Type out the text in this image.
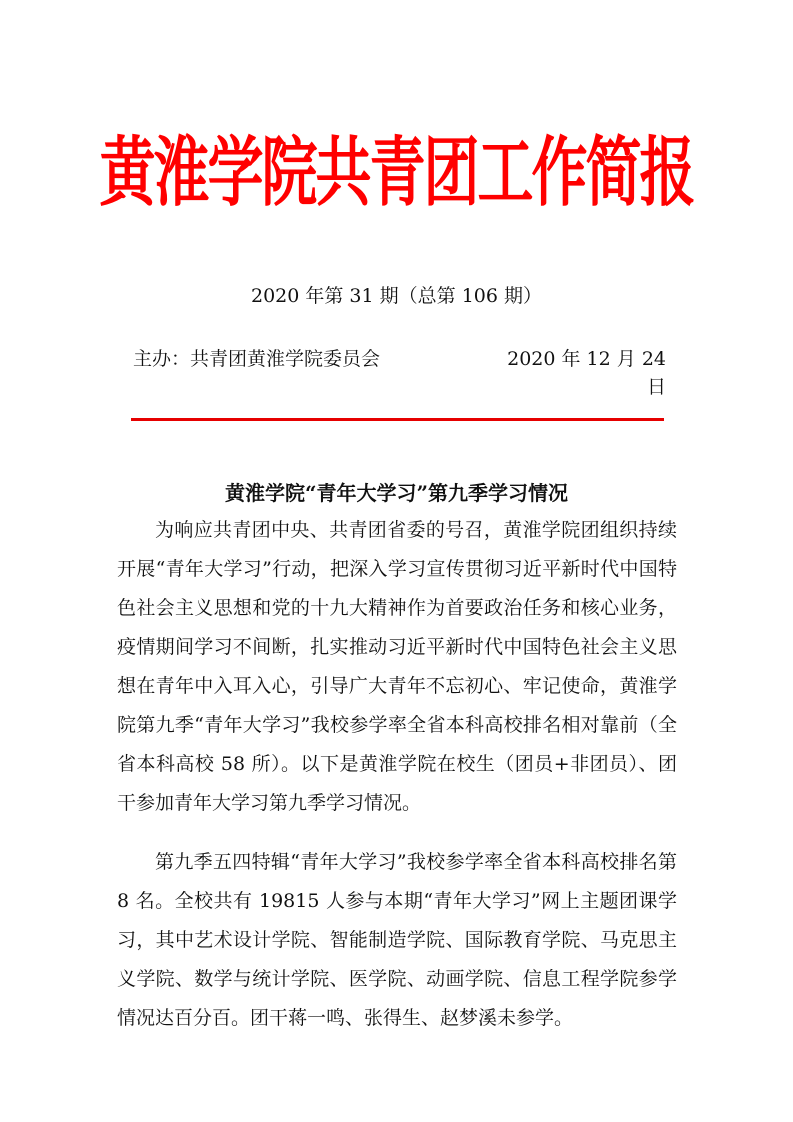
黄淮学院共青团工作简报
2020 年第 31 期（总第 106 期）
主办：共青团黄淮学院委员会	2020 年 12 月 24 日
黄淮学院“青年大学习”第九季学习情况

为响应共青团中央、共青团省委的号召，黄淮学院团组织持续开展“青年大学习”行动，把深入学习宣传贯彻习近平新时代中国特色社会主义思想和党的十九大精神作为首要政治任务和核心业务，疫情期间学习不间断，扎实推动习近平新时代中国特色社会主义思想在青年中入耳入心，引导广大青年不忘初心、牢记使命，黄淮学院第九季“青年大学习”我校参学率全省本科高校排名相对靠前（全省本科高校 58 所）。以下是黄淮学院在校生（团员+非团员）、团干参加青年大学习第九季学习情况。

第九季五四特辑“青年大学习”我校参学率全省本科高校排名第 8 名。全校共有 19815 人参与本期“青年大学习”网上主题团课学习，其中艺术设计学院、智能制造学院、国际教育学院、马克思主义学院、数学与统计学院、医学院、动画学院、信息工程学院参学情况达百分百。团干蒋一鸣、张得生、赵梦溪未参学。
